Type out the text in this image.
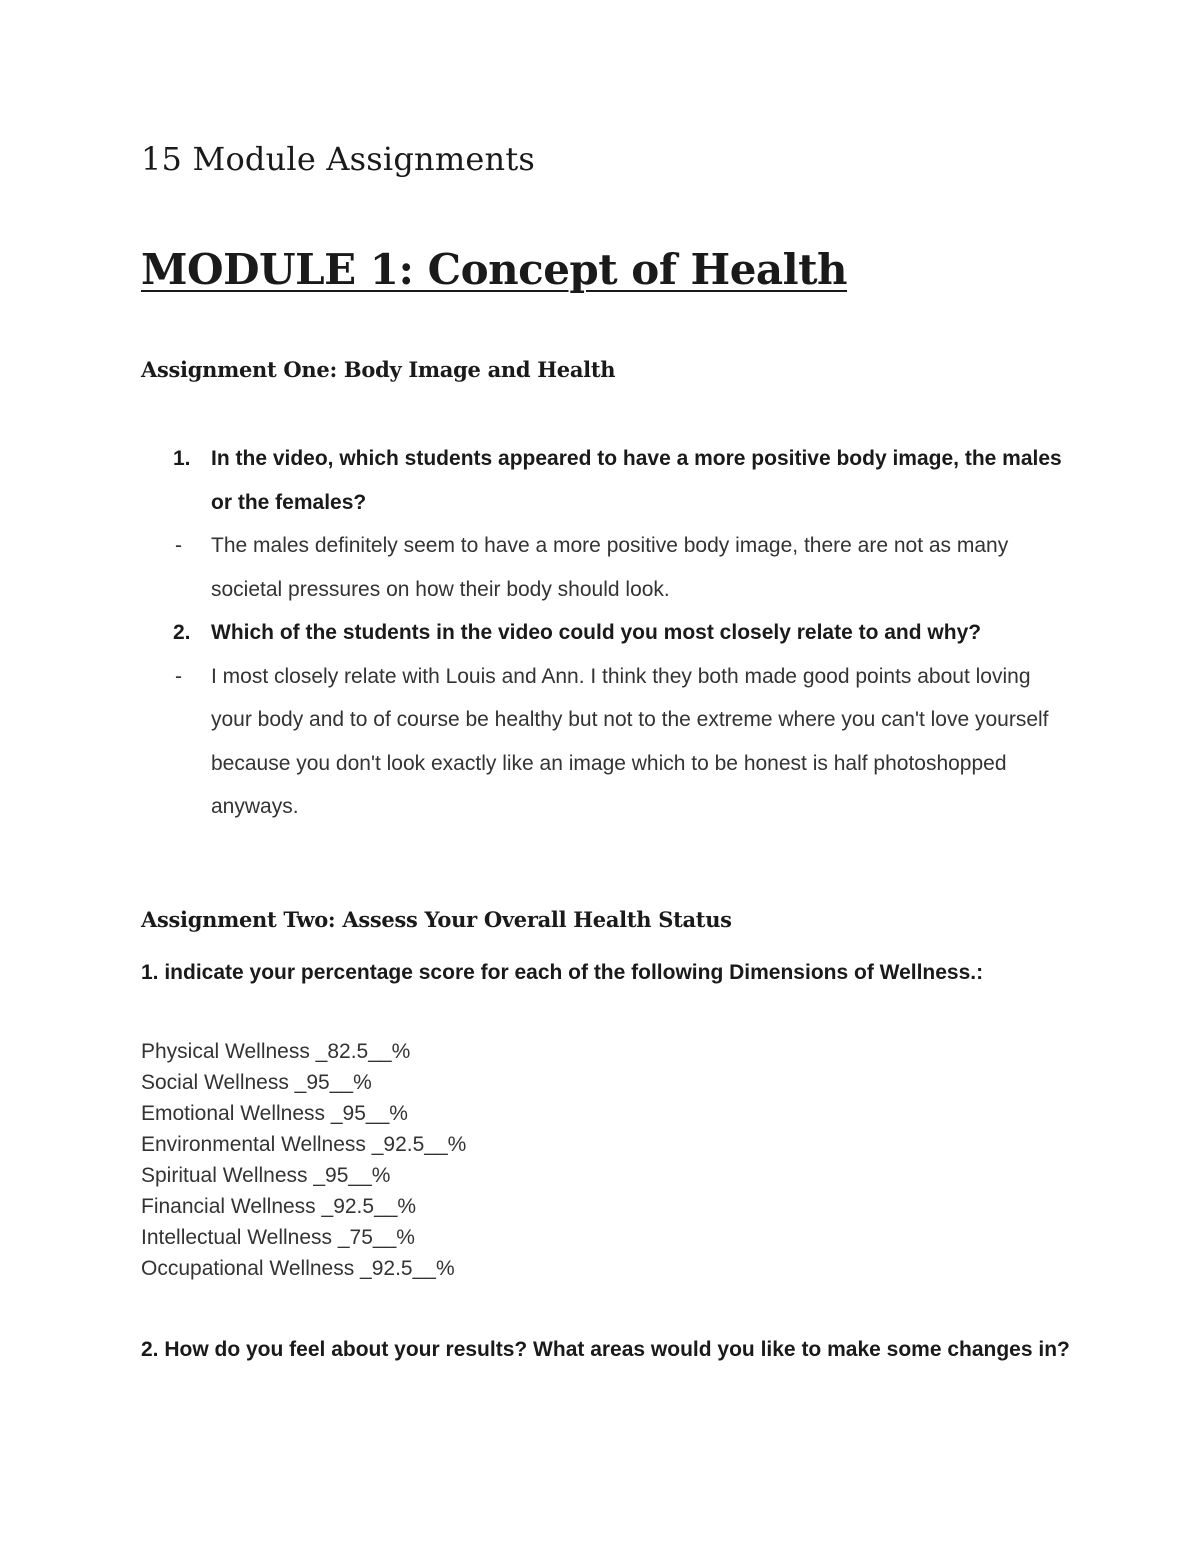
15 Module Assignments
MODULE 1: Concept of Health
Assignment One: Body Image and Health
1. In the video, which students appeared to have a more positive body image, the males or the females?
- The males definitely seem to have a more positive body image, there are not as many societal pressures on how their body should look.
2. Which of the students in the video could you most closely relate to and why?
- I most closely relate with Louis and Ann. I think they both made good points about loving your body and to of course be healthy but not to the extreme where you can't love yourself because you don't look exactly like an image which to be honest is half photoshopped anyways.
Assignment Two: Assess Your Overall Health Status
1. indicate your percentage score for each of the following Dimensions of Wellness.:
Physical Wellness _82.5__%
Social Wellness _95__%
Emotional Wellness _95__%
Environmental Wellness _92.5__%
Spiritual Wellness _95__%
Financial Wellness _92.5__%
Intellectual Wellness _75__%
Occupational Wellness _92.5__%
2. How do you feel about your results? What areas would you like to make some changes in?
